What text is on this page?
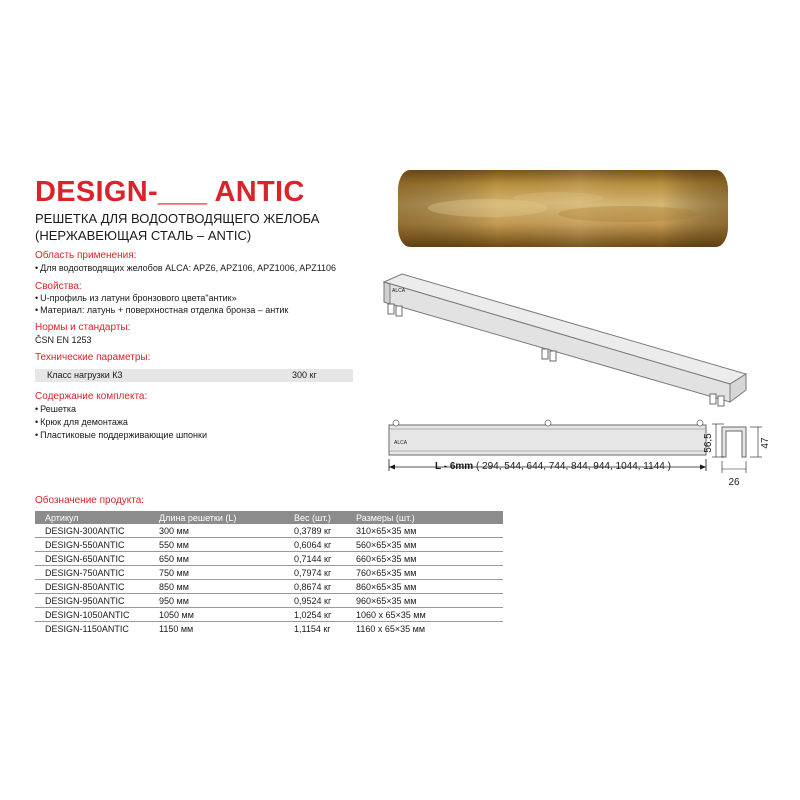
DESIGN-___ ANTIC
РЕШЕТКА ДЛЯ ВОДООТВОДЯЩЕГО ЖЕЛОБА
(НЕРЖАВЕЮЩАЯ СТАЛЬ – ANTIC)
Область применения:
• Для водоотводящих желобов ALCA: APZ6, APZ106, APZ1006, APZ1106
Свойства:
• U-профиль из латуни бронзового цвета"антик»
• Материал: латунь + поверхностная отделка бронза – антик
Нормы и стандарты:
ČSN EN 1253
Технические параметры:
Класс нагрузки К3	300 кг
Содержание комплекта:
• Решетка
• Крюк для демонтажа
• Пластиковые поддерживающие шпонки
Обозначение продукта:
Артикул	Длина решетки (L)	Вес (шт.)	Размеры (шт.)
DESIGN-300ANTIC	300 мм	0,3789 кг	310×65×35 мм
DESIGN-550ANTIC	550 мм	0,6064 кг	560×65×35 мм
DESIGN-650ANTIC	650 мм	0,7144 кг	660×65×35 мм
DESIGN-750ANTIC	750 мм	0,7974 кг	760×65×35 мм
DESIGN-850ANTIC	850 мм	0,8674 кг	860×65×35 мм
DESIGN-950ANTIC	950 мм	0,9524 кг	960×65×35 мм
DESIGN-1050ANTIC	1050 мм	1,0254 кг	1060 х 65×35 мм
DESIGN-1150ANTIC	1150 мм	1,1154 кг	1160 х 65×35 мм
ALCA
ALCA	56,5	47
26
L - 6mm ( 294, 544, 644, 744, 844, 944, 1044, 1144 )
